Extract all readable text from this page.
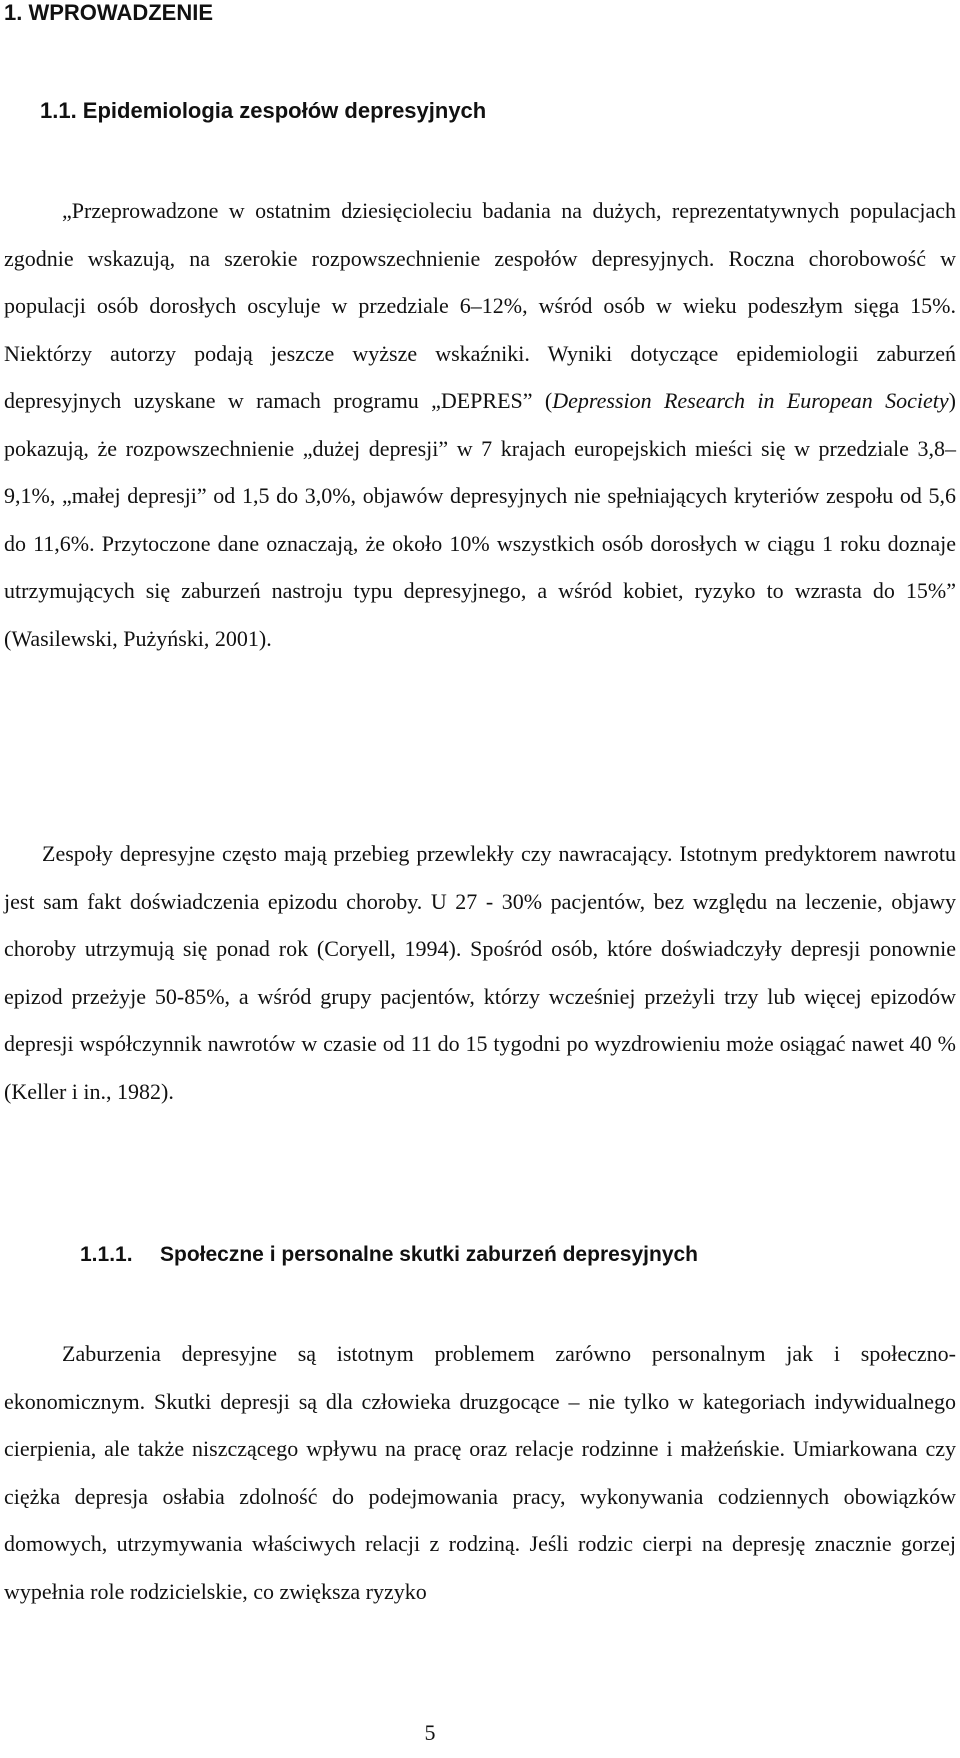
1. WPROWADZENIE
1.1. Epidemiologia zespołów depresyjnych

„Przeprowadzone w ostatnim dziesięcioleciu badania na dużych, reprezentatywnych populacjach zgodnie wskazują, na szerokie rozpowszechnienie zespołów depresyjnych. Roczna chorobowość w populacji osób dorosłych oscyluje w przedziale 6–12%, wśród osób w wieku podeszłym sięga 15%. Niektórzy autorzy podają jeszcze wyższe wskaźniki. Wyniki dotyczące epidemiologii zaburzeń depresyjnych uzyskane w ramach programu „DEPRES” (Depression Research in European Society) pokazują, że rozpowszechnienie „dużej depresji” w 7 krajach europejskich mieści się w przedziale 3,8–9,1%, „małej depresji” od 1,5 do 3,0%, objawów depresyjnych nie spełniających kryteriów zespołu od 5,6 do 11,6%. Przytoczone dane oznaczają, że około 10% wszystkich osób dorosłych w ciągu 1 roku doznaje utrzymujących się zaburzeń nastroju typu depresyjnego, a wśród kobiet, ryzyko to wzrasta do 15%” (Wasilewski, Pużyński, 2001).

Zespoły depresyjne często mają przebieg przewlekły czy nawracający. Istotnym predyktorem nawrotu jest sam fakt doświadczenia epizodu choroby. U 27 - 30% pacjentów, bez względu na leczenie, objawy choroby utrzymują się ponad rok (Coryell, 1994). Spośród osób, które doświadczyły depresji ponownie epizod przeżyje 50-85%, a wśród grupy pacjentów, którzy wcześniej przeżyli trzy lub więcej epizodów depresji współczynnik nawrotów w czasie od 11 do 15 tygodni po wyzdrowieniu może osiągać nawet 40 % (Keller i in., 1982).

1.1.1. Społeczne i personalne skutki zaburzeń depresyjnych

Zaburzenia depresyjne są istotnym problemem zarówno personalnym jak i społeczno-ekonomicznym. Skutki depresji są dla człowieka druzgocące – nie tylko w kategoriach indywidualnego cierpienia, ale także niszczącego wpływu na pracę oraz relacje rodzinne i małżeńskie. Umiarkowana czy ciężka depresja osłabia zdolność do podejmowania pracy, wykonywania codziennych obowiązków domowych, utrzymywania właściwych relacji z rodziną. Jeśli rodzic cierpi na depresję znacznie gorzej wypełnia role rodzicielskie, co zwiększa ryzyko

5
